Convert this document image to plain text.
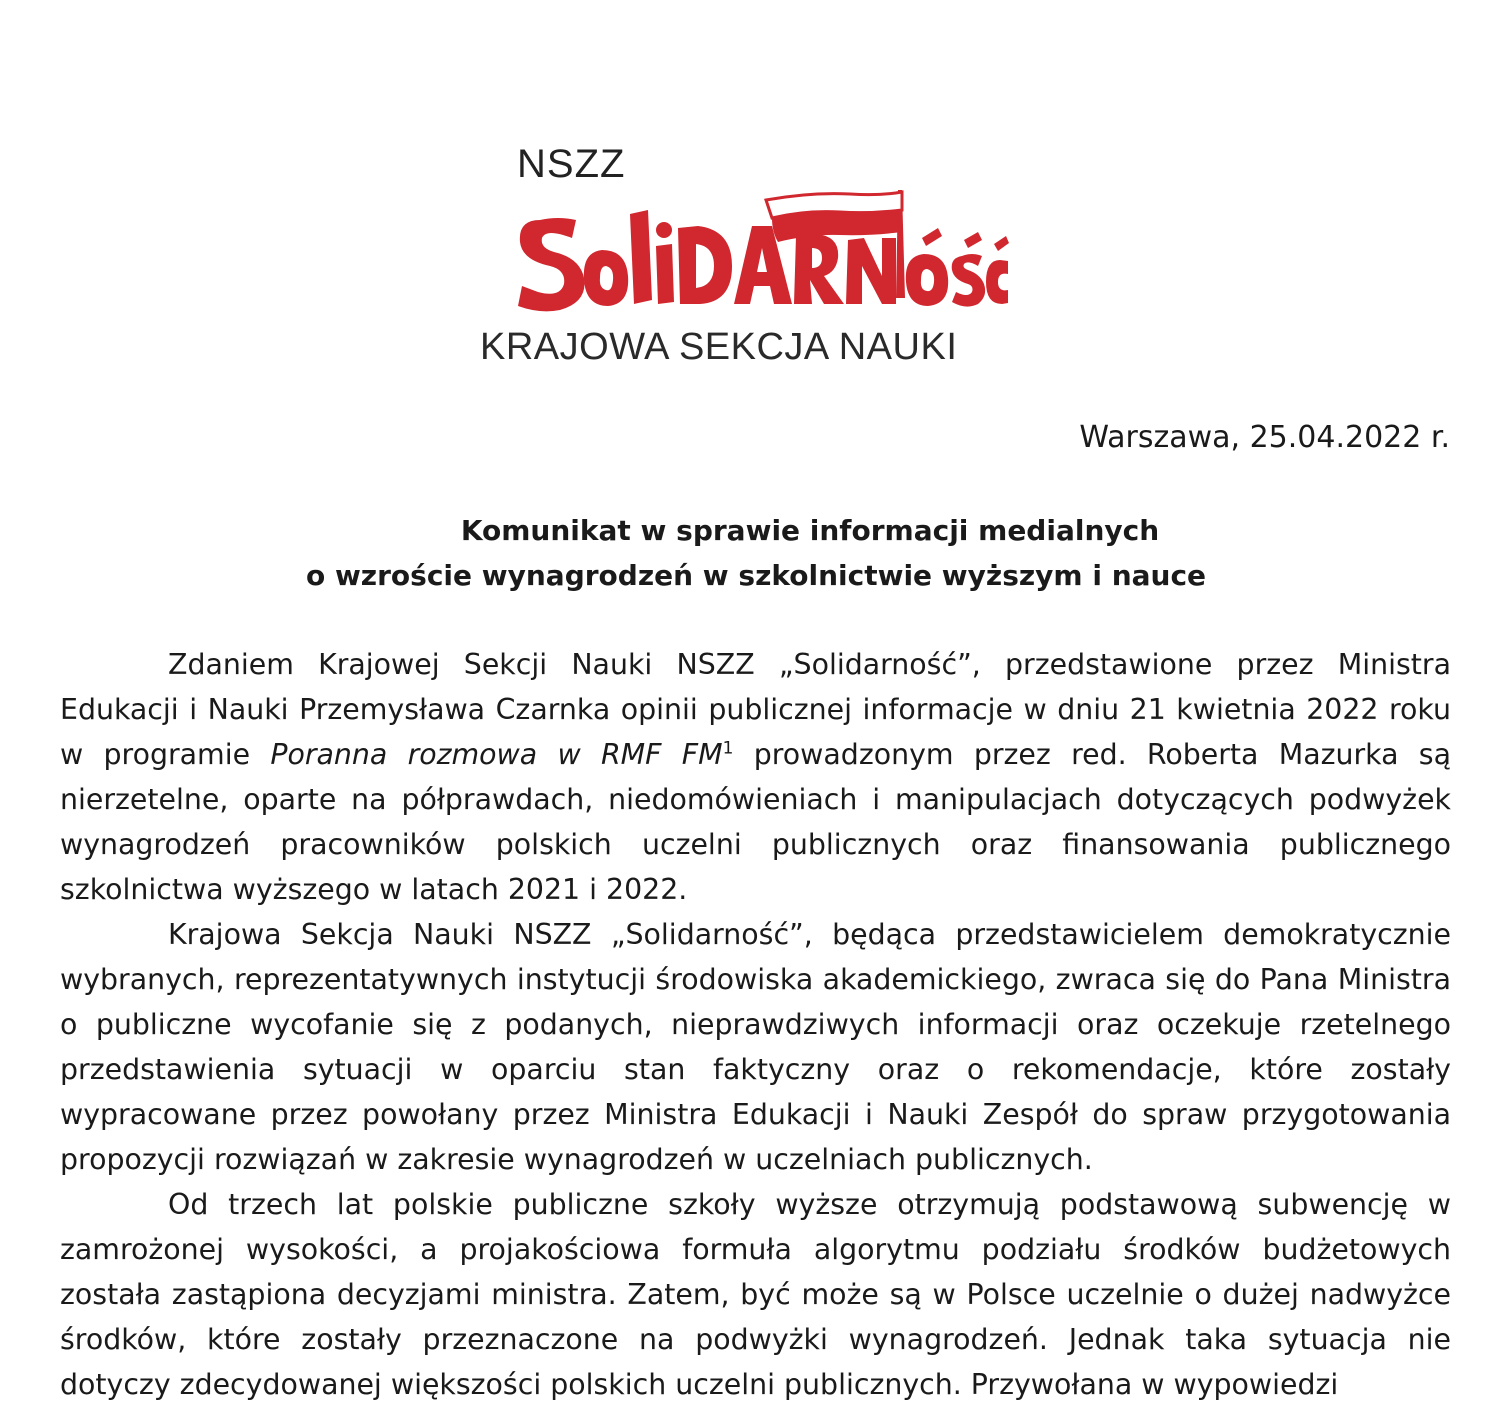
NSZZ
KRAJOWA SEKCJA NAUKI
Warszawa, 25.04.2022 r.
Komunikat w sprawie informacji medialnych
o wzroście wynagrodzeń w szkolnictwie wyższym i nauce

Zdaniem Krajowej Sekcji Nauki NSZZ „Solidarność”, przedstawione przez Ministra Edukacji i Nauki Przemysława Czarnka opinii publicznej informacje w dniu 21 kwietnia 2022 roku w programie Poranna rozmowa w RMF $FM^1$ prowadzonym przez red. Roberta Mazurka są nierzetelne, oparte na półprawdach, niedomówieniach i manipulacjach dotyczących podwyżek wynagrodzeń pracowników polskich uczelni publicznych oraz finansowania publicznego szkolnictwa wyższego w latach 2021 i 2022.

Krajowa Sekcja Nauki NSZZ „Solidarność”, będąca przedstawicielem demokratycznie wybranych, reprezentatywnych instytucji środowiska akademickiego, zwraca się do Pana Ministra o publiczne wycofanie się z podanych, nieprawdziwych informacji oraz oczekuje rzetelnego przedstawienia sytuacji w oparciu stan faktyczny oraz o rekomendacje, które zostały wypracowane przez powołany przez Ministra Edukacji i Nauki Zespół do spraw przygotowania propozycji rozwiązań w zakresie wynagrodzeń w uczelniach publicznych.

Od trzech lat polskie publiczne szkoły wyższe otrzymują podstawową subwencję w zamrożonej wysokości, a projakościowa formuła algorytmu podziału środków budżetowych została zastąpiona decyzjami ministra. Zatem, być może są w Polsce uczelnie o dużej nadwyżce środków, które zostały przeznaczone na podwyżki wynagrodzeń. Jednak taka sytuacja nie dotyczy zdecydowanej większości polskich uczelni publicznych. Przywołana w wypowiedzi
